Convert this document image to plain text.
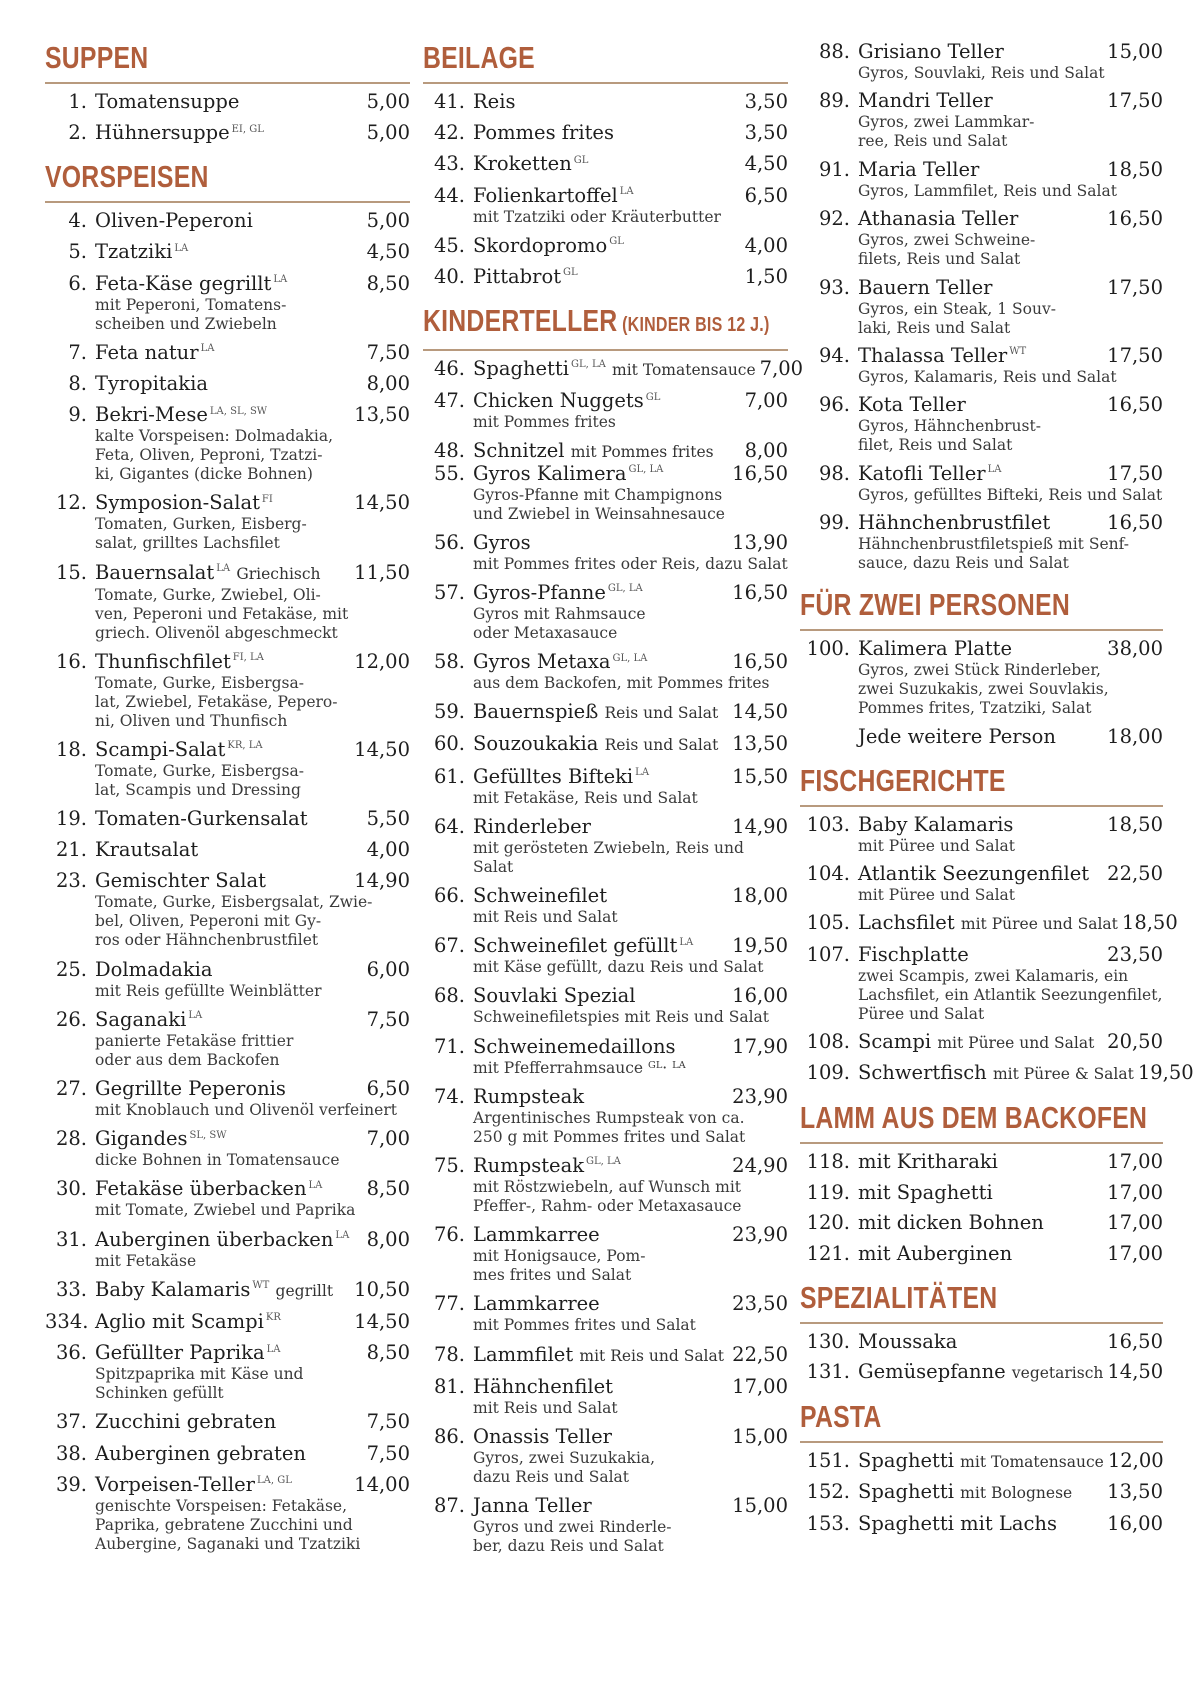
SUPPEN
1. Tomatensuppe	5,00
2. Hühnersuppe $^{EI, GL}$	5,00
VORSPEISEN
4. Oliven-Peperoni	5,00
5. Tzatziki $^{LA}$	4,50
6. Feta-Käse gegrillt $^{LA}$	8,50
mit Peperoni, Tomatens-
scheiben und Zwiebeln
7. Feta natur $^{LA}$	7,50
8. Tyropitakia	8,00
9. Bekri-Mese $^{LA, SL, SW}$	13,50
kalte Vorspeisen: Dolmadakia,
Feta, Oliven, Peproni, Tzatzi-
ki, Gigantes (dicke Bohnen)
12. Symposion-Salat $^{FI}$	14,50
Tomaten, Gurken, Eisberg-
salat, grilltes Lachsfilet
15. Bauernsalat $^{LA}$ Griechisch 11,50
Tomate, Gurke, Zwiebel, Oli-
ven, Peperoni und Fetakäse, mit
griech. Olivenöl abgeschmeckt
16. Thunfischfilet $^{FI, LA}$	12,00
Tomate, Gurke, Eisbergsa-
lat, Zwiebel, Fetakäse, Pepero-
ni, Oliven und Thunfisch
18. Scampi-Salat $^{KR, LA}$	14,50
Tomate, Gurke, Eisbergsa-
lat, Scampis und Dressing
19. Tomaten-Gurkensalat	5,50
21. Krautsalat	4,00
23. Gemischter Salat	14,90
Tomate, Gurke, Eisbergsalat, Zwie-
bel, Oliven, Peperoni mit Gy-
ros oder Hähnchenbrustfilet
25. Dolmadakia	6,00
mit Reis gefüllte Weinblätter
26. Saganaki $^{LA}$	7,50
panierte Fetakäse frittier
oder aus dem Backofen
27. Gegrillte Peperonis	6,50
mit Knoblauch und Olivenöl verfeinert
28. Gigandes $^{SL, SW}$	7,00
dicke Bohnen in Tomatensauce
30. Fetakäse überbacken $^{LA}$ 8,50
mit Tomate, Zwiebel und Paprika
31. Auberginen überbacken $^{LA}$ 8,00
mit Fetakäse
33. Baby Kalamaris $^{WT}$ gegrillt 10,50
334. Aglio mit Scampi $^{KR}$	14,50
36. Gefüllter Paprika $^{LA}$	8,50
Spitzpaprika mit Käse und
Schinken gefüllt
37. Zucchini gebraten	7,50
38. Auberginen gebraten	7,50
39. Vorpeisen-Teller $^{LA, GL}$	14,00
genischte Vorspeisen: Fetakäse,
Paprika, gebratene Zucchini und
Aubergine, Saganaki und Tzatziki
BEILAGE
41. Reis	3,50
42. Pommes frites	3,50
43. Kroketten $^{GL}$	4,50
44. Folienkartoffel $^{LA}$	6,50
mit Tzatziki oder Kräuterbutter
45. Skordopromo $^{GL}$	4,00
40. Pittabrot $^{GL}$	1,50
KINDERTELLER (KINDER BIS 12 J.)
46. Spaghetti $^{GL, LA}$ mit Tomatensauce 7,00
47. Chicken Nuggets $^{GL}$	7,00
mit Pommes frites
48. Schnitzel mit Pommes frites 8,00
55. Gyros Kalimera $^{GL, LA}$	16,50
Gyros-Pfanne mit Champignons
und Zwiebel in Weinsahnesauce
56. Gyros	13,90
mit Pommes frites oder Reis, dazu Salat
57. Gyros-Pfanne $^{GL, LA}$	16,50
Gyros mit Rahmsauce
oder Metaxasauce
58. Gyros Metaxa $^{GL, LA}$	16,50
aus dem Backofen, mit Pommes frites
59. Bauernspieß Reis und Salat 14,50
60. Souzoukakia Reis und Salat 13,50
61. Gefülltes Bifteki $^{LA}$	15,50
mit Fetakäse, Reis und Salat
64. Rinderleber	14,90
mit gerösteten Zwiebeln, Reis und Salat
66. Schweinefilet	18,00
mit Reis und Salat
67. Schweinefilet gefüllt $^{LA}$ 19,50
mit Käse gefüllt, dazu Reis und Salat
68. Souvlaki Spezial	16,00
Schweinefiletspies mit Reis und Salat
71. Schweinemedaillons	17,90
mit Pfefferrahmsauce ᴳᴸ· ᴸᴬ
74. Rumpsteak	23,90
Argentinisches Rumpsteak von ca.
250 g mit Pommes frites und Salat
75. Rumpsteak $^{GL, LA}$	24,90
mit Röstzwiebeln, auf Wunsch mit
Pfeffer-, Rahm- oder Metaxasauce
76. Lammkarree	23,90
mit Honigsauce, Pom-
mes frites und Salat
77. Lammkarree	23,50
mit Pommes frites und Salat
78. Lammfilet mit Reis und Salat 22,50
81. Hähnchenfilet	17,00
mit Reis und Salat
86. Onassis Teller	15,00
Gyros, zwei Suzukakia,
dazu Reis und Salat
87. Janna Teller	15,00
Gyros und zwei Rinderle-
ber, dazu Reis und Salat
88. Grisiano Teller	15,00
Gyros, Souvlaki, Reis und Salat
89. Mandri Teller	17,50
Gyros, zwei Lammkar-
ree, Reis und Salat
91. Maria Teller	18,50
Gyros, Lammfilet, Reis und Salat
92. Athanasia Teller	16,50
Gyros, zwei Schweine-
filets, Reis und Salat
93. Bauern Teller	17,50
Gyros, ein Steak, 1 Souv-
laki, Reis und Salat
94. Thalassa Teller $^{WT}$	17,50
Gyros, Kalamaris, Reis und Salat
96. Kota Teller	16,50
Gyros, Hähnchenbrust-
filet, Reis und Salat
98. Katofli Teller $^{LA}$	17,50
Gyros, gefülltes Bifteki, Reis und Salat
99. Hähnchenbrustfilet	16,50
Hähnchenbrustfiletspieß mit Senf-
sauce, dazu Reis und Salat
FÜR ZWEI PERSONEN
100. Kalimera Platte	38,00
Gyros, zwei Stück Rinderleber,
zwei Suzukakis, zwei Souvlakis,
Pommes frites, Tzatziki, Salat
Jede weitere Person	18,00
FISCHGERICHTE
103. Baby Kalamaris	18,50
mit Püree und Salat
104. Atlantik Seezungenfilet 22,50
mit Püree und Salat
105. Lachsfilet mit Püree und Salat 18,50
107. Fischplatte	23,50
zwei Scampis, zwei Kalamaris, ein
Lachsfilet, ein Atlantik Seezungenfilet,
Püree und Salat
108. Scampi mit Püree und Salat 20,50
109. Schwertfisch mit Püree & Salat 19,50
LAMM AUS DEM BACKOFEN
118. mit Kritharaki	17,00
119. mit Spaghetti	17,00
120. mit dicken Bohnen	17,00
121. mit Auberginen	17,00
SPEZIALITÄTEN
130. Moussaka	16,50
131. Gemüsepfanne vegetarisch 14,50
PASTA
151. Spaghetti mit Tomatensauce 12,00
152. Spaghetti mit Bolognese 13,50
153. Spaghetti mit Lachs	16,00
